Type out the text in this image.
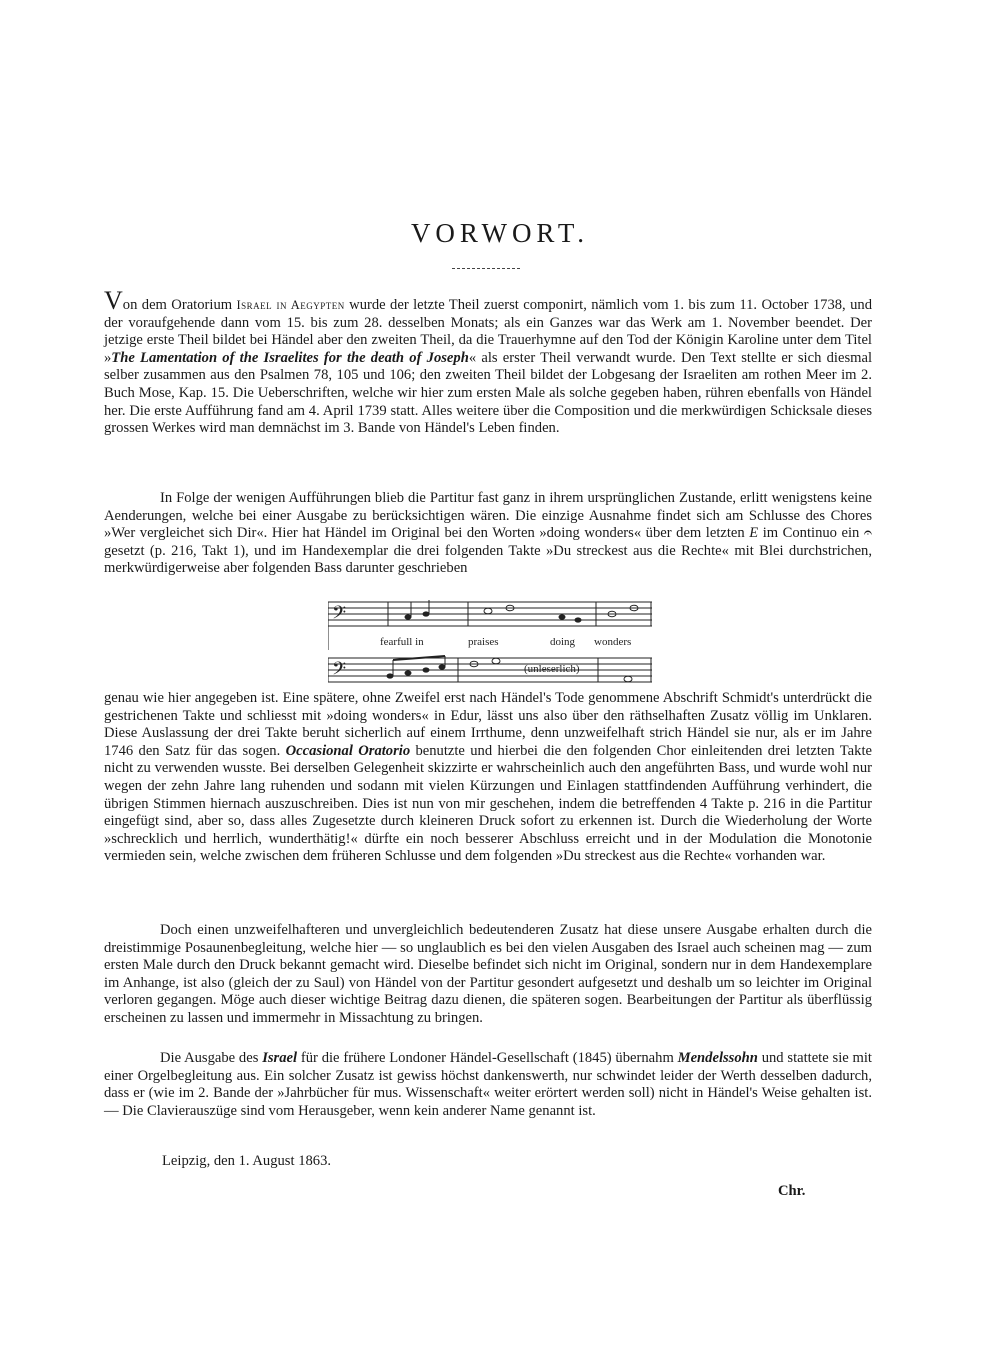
VORWORT.

Von dem Oratorium Israel in Aegypten wurde der letzte Theil zuerst componirt, nämlich vom 1. bis zum 11. October 1738, und der voraufgehende dann vom 15. bis zum 28. desselben Monats; als ein Ganzes war das Werk am 1. November beendet. Der jetzige erste Theil bildet bei Händel aber den zweiten Theil, da die Trauerhymne auf den Tod der Königin Karoline unter dem Titel »The Lamentation of the Israelites for the death of Joseph« als erster Theil verwandt wurde. Den Text stellte er sich diesmal selber zusammen aus den Psalmen 78, 105 und 106; den zweiten Theil bildet der Lobgesang der Israeliten am rothen Meer im 2. Buch Mose, Kap. 15. Die Ueberschriften, welche wir hier zum ersten Male als solche gegeben haben, rühren ebenfalls von Händel her. Die erste Aufführung fand am 4. April 1739 statt. Alles weitere über die Composition und die merkwürdigen Schicksale dieses grossen Werkes wird man demnächst im 3. Bande von Händel's Leben finden.

In Folge der wenigen Aufführungen blieb die Partitur fast ganz in ihrem ursprünglichen Zustande, erlitt wenigstens keine Aenderungen, welche bei einer Ausgabe zu berücksichtigen wären. Die einzige Ausnahme findet sich am Schlusse des Chores »Wer vergleichet sich Dir«. Hier hat Händel im Original bei den Worten »doing wonders« über dem letzten E im Continuo ein 𝄐 gesetzt (p. 216, Takt 1), und im Handexemplar die drei folgenden Takte »Du streckest aus die Rechte« mit Blei durchstrichen, merkwürdigerweise aber folgenden Bass darunter geschrieben

𝄢
𝄢
fearfull in	praises	doing wonders
(unleserlich)

genau wie hier angegeben ist. Eine spätere, ohne Zweifel erst nach Händel's Tode genommene Abschrift Schmidt's unterdrückt die gestrichenen Takte und schliesst mit »doing wonders« in Edur, lässt uns also über den räthselhaften Zusatz völlig im Unklaren. Diese Auslassung der drei Takte beruht sicherlich auf einem Irrthume, denn unzweifelhaft strich Händel sie nur, als er im Jahre 1746 den Satz für das sogen. Occasional Oratorio benutzte und hierbei die den folgenden Chor einleitenden drei letzten Takte nicht zu verwenden wusste. Bei derselben Gelegenheit skizzirte er wahrscheinlich auch den angeführten Bass, und wurde wohl nur wegen der zehn Jahre lang ruhenden und sodann mit vielen Kürzungen und Einlagen stattfindenden Aufführung verhindert, die übrigen Stimmen hiernach auszuschreiben. Dies ist nun von mir geschehen, indem die betreffenden 4 Takte p. 216 in die Partitur eingefügt sind, aber so, dass alles Zugesetzte durch kleineren Druck sofort zu erkennen ist. Durch die Wiederholung der Worte »schrecklich und herrlich, wunderthätig!« dürfte ein noch besserer Abschluss erreicht und in der Modulation die Monotonie vermieden sein, welche zwischen dem früheren Schlusse und dem folgenden »Du streckest aus die Rechte« vorhanden war.

Doch einen unzweifelhafteren und unvergleichlich bedeutenderen Zusatz hat diese unsere Ausgabe erhalten durch die dreistimmige Posaunenbegleitung, welche hier — so unglaublich es bei den vielen Ausgaben des Israel auch scheinen mag — zum ersten Male durch den Druck bekannt gemacht wird. Dieselbe befindet sich nicht im Original, sondern nur in dem Handexemplare im Anhange, ist also (gleich der zu Saul) von Händel von der Partitur gesondert aufgesetzt und deshalb um so leichter im Original verloren gegangen. Möge auch dieser wichtige Beitrag dazu dienen, die späteren sogen. Bearbeitungen der Partitur als überflüssig erscheinen zu lassen und immermehr in Missachtung zu bringen.

Die Ausgabe des Israel für die frühere Londoner Händel-Gesellschaft (1845) übernahm Mendelssohn und stattete sie mit einer Orgelbegleitung aus. Ein solcher Zusatz ist gewiss höchst dankenswerth, nur schwindet leider der Werth desselben dadurch, dass er (wie im 2. Bande der »Jahrbücher für mus. Wissenschaft« weiter erörtert werden soll) nicht in Händel's Weise gehalten ist. — Die Clavierauszüge sind vom Herausgeber, wenn kein anderer Name genannt ist.

Leipzig, den 1. August 1863.
Chr.
